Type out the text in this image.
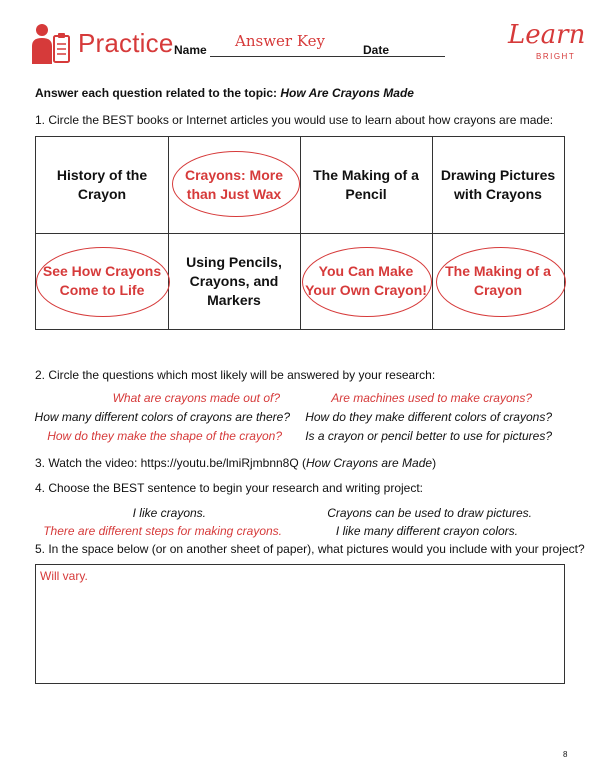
Practice Name Answer Key	Date	Learn
BRIGHT
Answer each question related to the topic: How Are Crayons Made
1. Circle the BEST books or Internet articles you would use to learn about how crayons are made:
History of the
Crayon
Crayons: More
than Just Wax
The Making of a
Pencil
Drawing Pictures
with Crayons
See How Crayons
Come to Life
Using Pencils,
Crayons, and
Markers
You Can Make
Your Own Crayon!
The Making of a
Crayon
2. Circle the questions which most likely will be answered by your research:
What are crayons made out of?
How many different colors of crayons are there?
How do they make the shape of the crayon?
Are machines used to make crayons?
How do they make different colors of crayons?
Is a crayon or pencil better to use for pictures?
3. Watch the video: https://youtu.be/lmiRjmbnn8Q (How Crayons are Made)
4. Choose the BEST sentence to begin your research and writing project:
I like crayons.
There are different steps for making crayons.
Crayons can be used to draw pictures.
I like many different crayon colors.
5. In the space below (or on another sheet of paper), what pictures would you include with your project?
Will vary.
8
